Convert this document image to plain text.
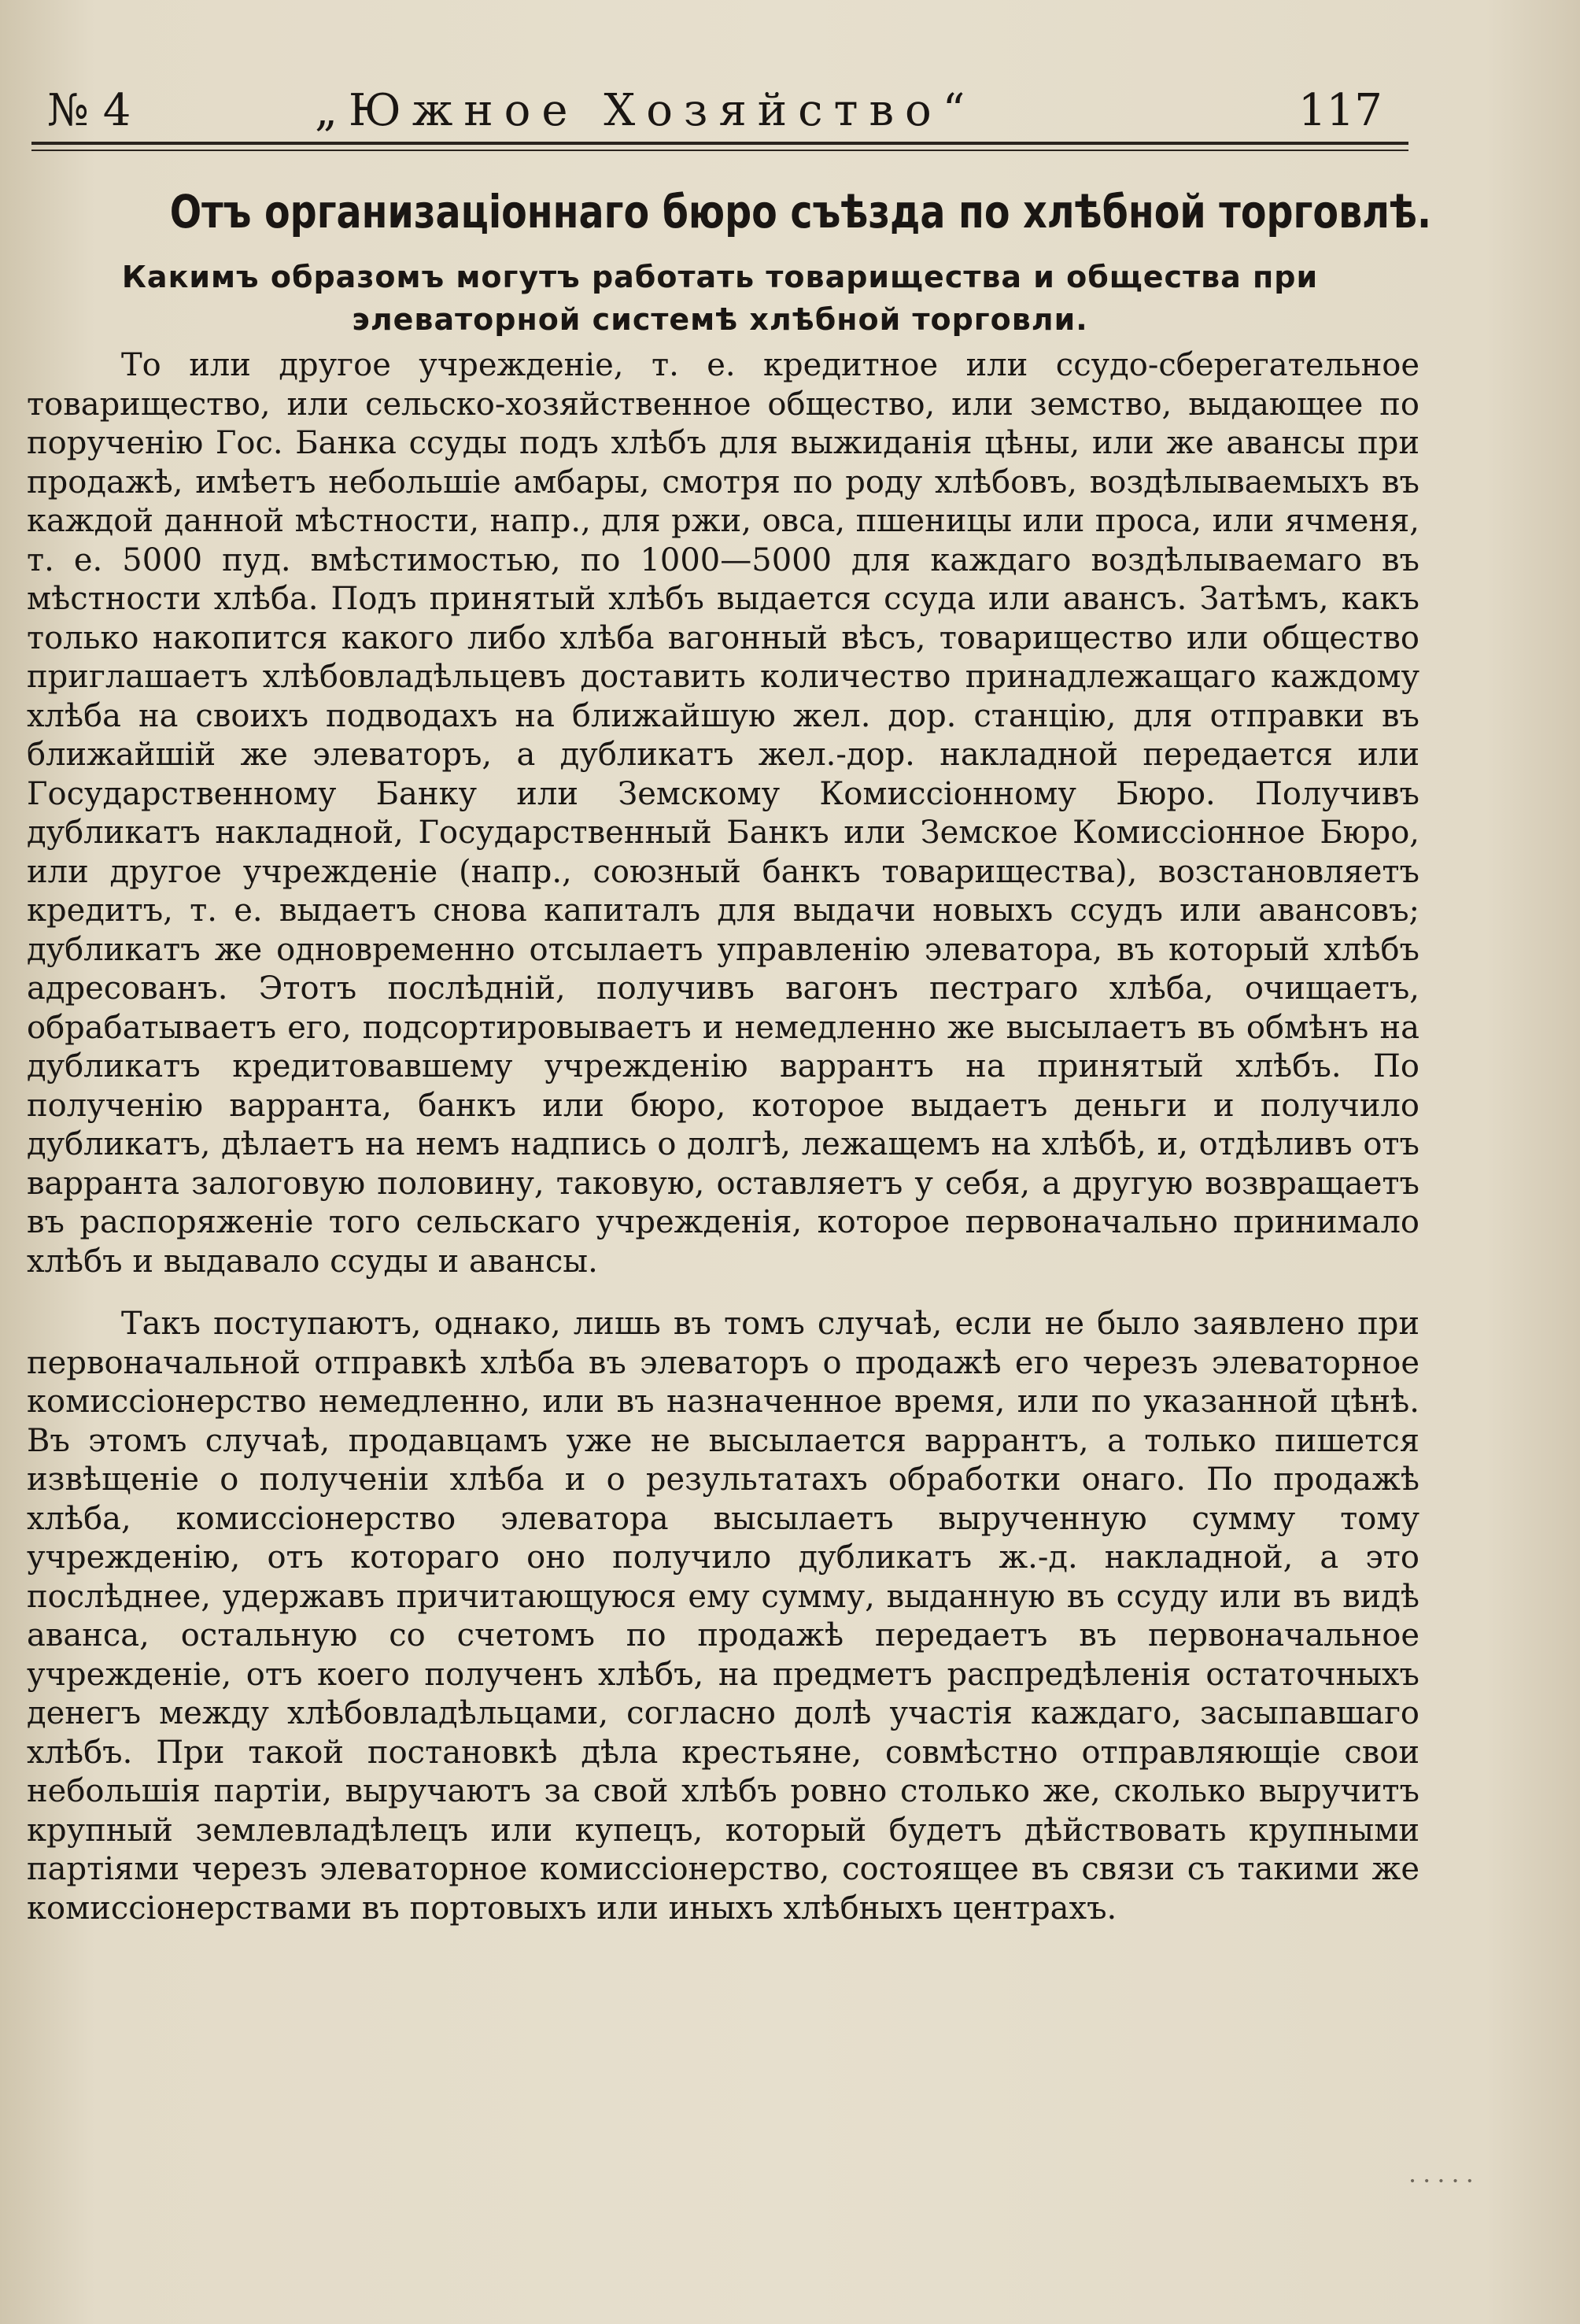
№ 4	„Южное Хозяйство“	117
Отъ организаціоннаго бюро съѣзда по хлѣбной торговлѣ.
Какимъ образомъ могутъ работать товарищества и общества при элеваторной системѣ хлѣбной торговли.

То или другое учрежденіе, т. е. кредитное или ссудо-сберегательное товарищество, или сельско-хозяйственное общество, или земство, выдающее по порученію Гос. Банка ссуды подъ хлѣбъ для выжиданія цѣны, или же авансы при продажѣ, имѣетъ небольшіе амбары, смотря по роду хлѣбовъ, воздѣлываемыхъ въ каждой данной мѣстности, напр., для ржи, овса, пшеницы или проса, или ячменя, т. е. 5000 пуд. вмѣстимостью, по 1000—5000 для каждаго воздѣлываемаго въ мѣстности хлѣба. Подъ принятый хлѣбъ выдается ссуда или авансъ. Затѣмъ, какъ только накопится какого либо хлѣба вагонный вѣсъ, товарищество или общество приглашаетъ хлѣбовладѣльцевъ доставить количество принадлежащаго каждому хлѣба на своихъ подводахъ на ближайшую жел. дор. станцію, для отправки въ ближайшій же элеваторъ, а дубликатъ жел.-дор. накладной передается или Государственному Банку или Земскому Комиссіонному Бюро. Получивъ дубликатъ накладной, Государственный Банкъ или Земское Комиссіонное Бюро, или другое учрежденіе (напр., союзный банкъ товарищества), возстановляетъ кредитъ, т. е. выдаетъ снова капиталъ для выдачи новыхъ ссудъ или авансовъ; дубликатъ же одновременно отсылаетъ управленію элеватора, въ который хлѣбъ адресованъ. Этотъ послѣдній, получивъ вагонъ пестраго хлѣба, очищаетъ, обрабатываетъ его, подсортировываетъ и немедленно же высылаетъ въ обмѣнъ на дубликатъ кредитовавшему учрежденію варрантъ на принятый хлѣбъ. По полученію варранта, банкъ или бюро, которое выдаетъ деньги и получило дубликатъ, дѣлаетъ на немъ надпись о долгѣ, лежащемъ на хлѣбѣ, и, отдѣливъ отъ варранта залоговую половину, таковую, оставляетъ у себя, а другую возвращаетъ въ распоряженіе того сельскаго учрежденія, которое первоначально принимало хлѣбъ и выдавало ссуды и авансы.

Такъ поступаютъ, однако, лишь въ томъ случаѣ, если не было заявлено при первоначальной отправкѣ хлѣба въ элеваторъ о продажѣ его черезъ элеваторное комиссіонерство немедленно, или въ назначенное время, или по указанной цѣнѣ. Въ этомъ случаѣ, продавцамъ уже не высылается варрантъ, а только пишется извѣщеніе о полученіи хлѣба и о результатахъ обработки онаго. По продажѣ хлѣба, комиссіонерство элеватора высылаетъ вырученную сумму тому учрежденію, отъ котораго оно получило дубликатъ ж.-д. накладной, а это послѣднее, удержавъ причитающуюся ему сумму, выданную въ ссуду или въ видѣ аванса, остальную со счетомъ по продажѣ передаетъ въ первоначальное учрежденіе, отъ коего полученъ хлѣбъ, на предметъ распредѣленія остаточныхъ денегъ между хлѣбовладѣльцами, согласно долѣ участія каждаго, засыпавшаго хлѣбъ. При такой постановкѣ дѣла крестьяне, совмѣстно отправляющіе свои небольшія партіи, выручаютъ за свой хлѣбъ ровно столько же, сколько выручитъ крупный землевладѣлецъ или купецъ, который будетъ дѣйствовать крупными партіями черезъ элеваторное комиссіонерство, состоящее въ связи съ такими же комиссіонерствами въ портовыхъ или иныхъ хлѣбныхъ центрахъ.

·····
